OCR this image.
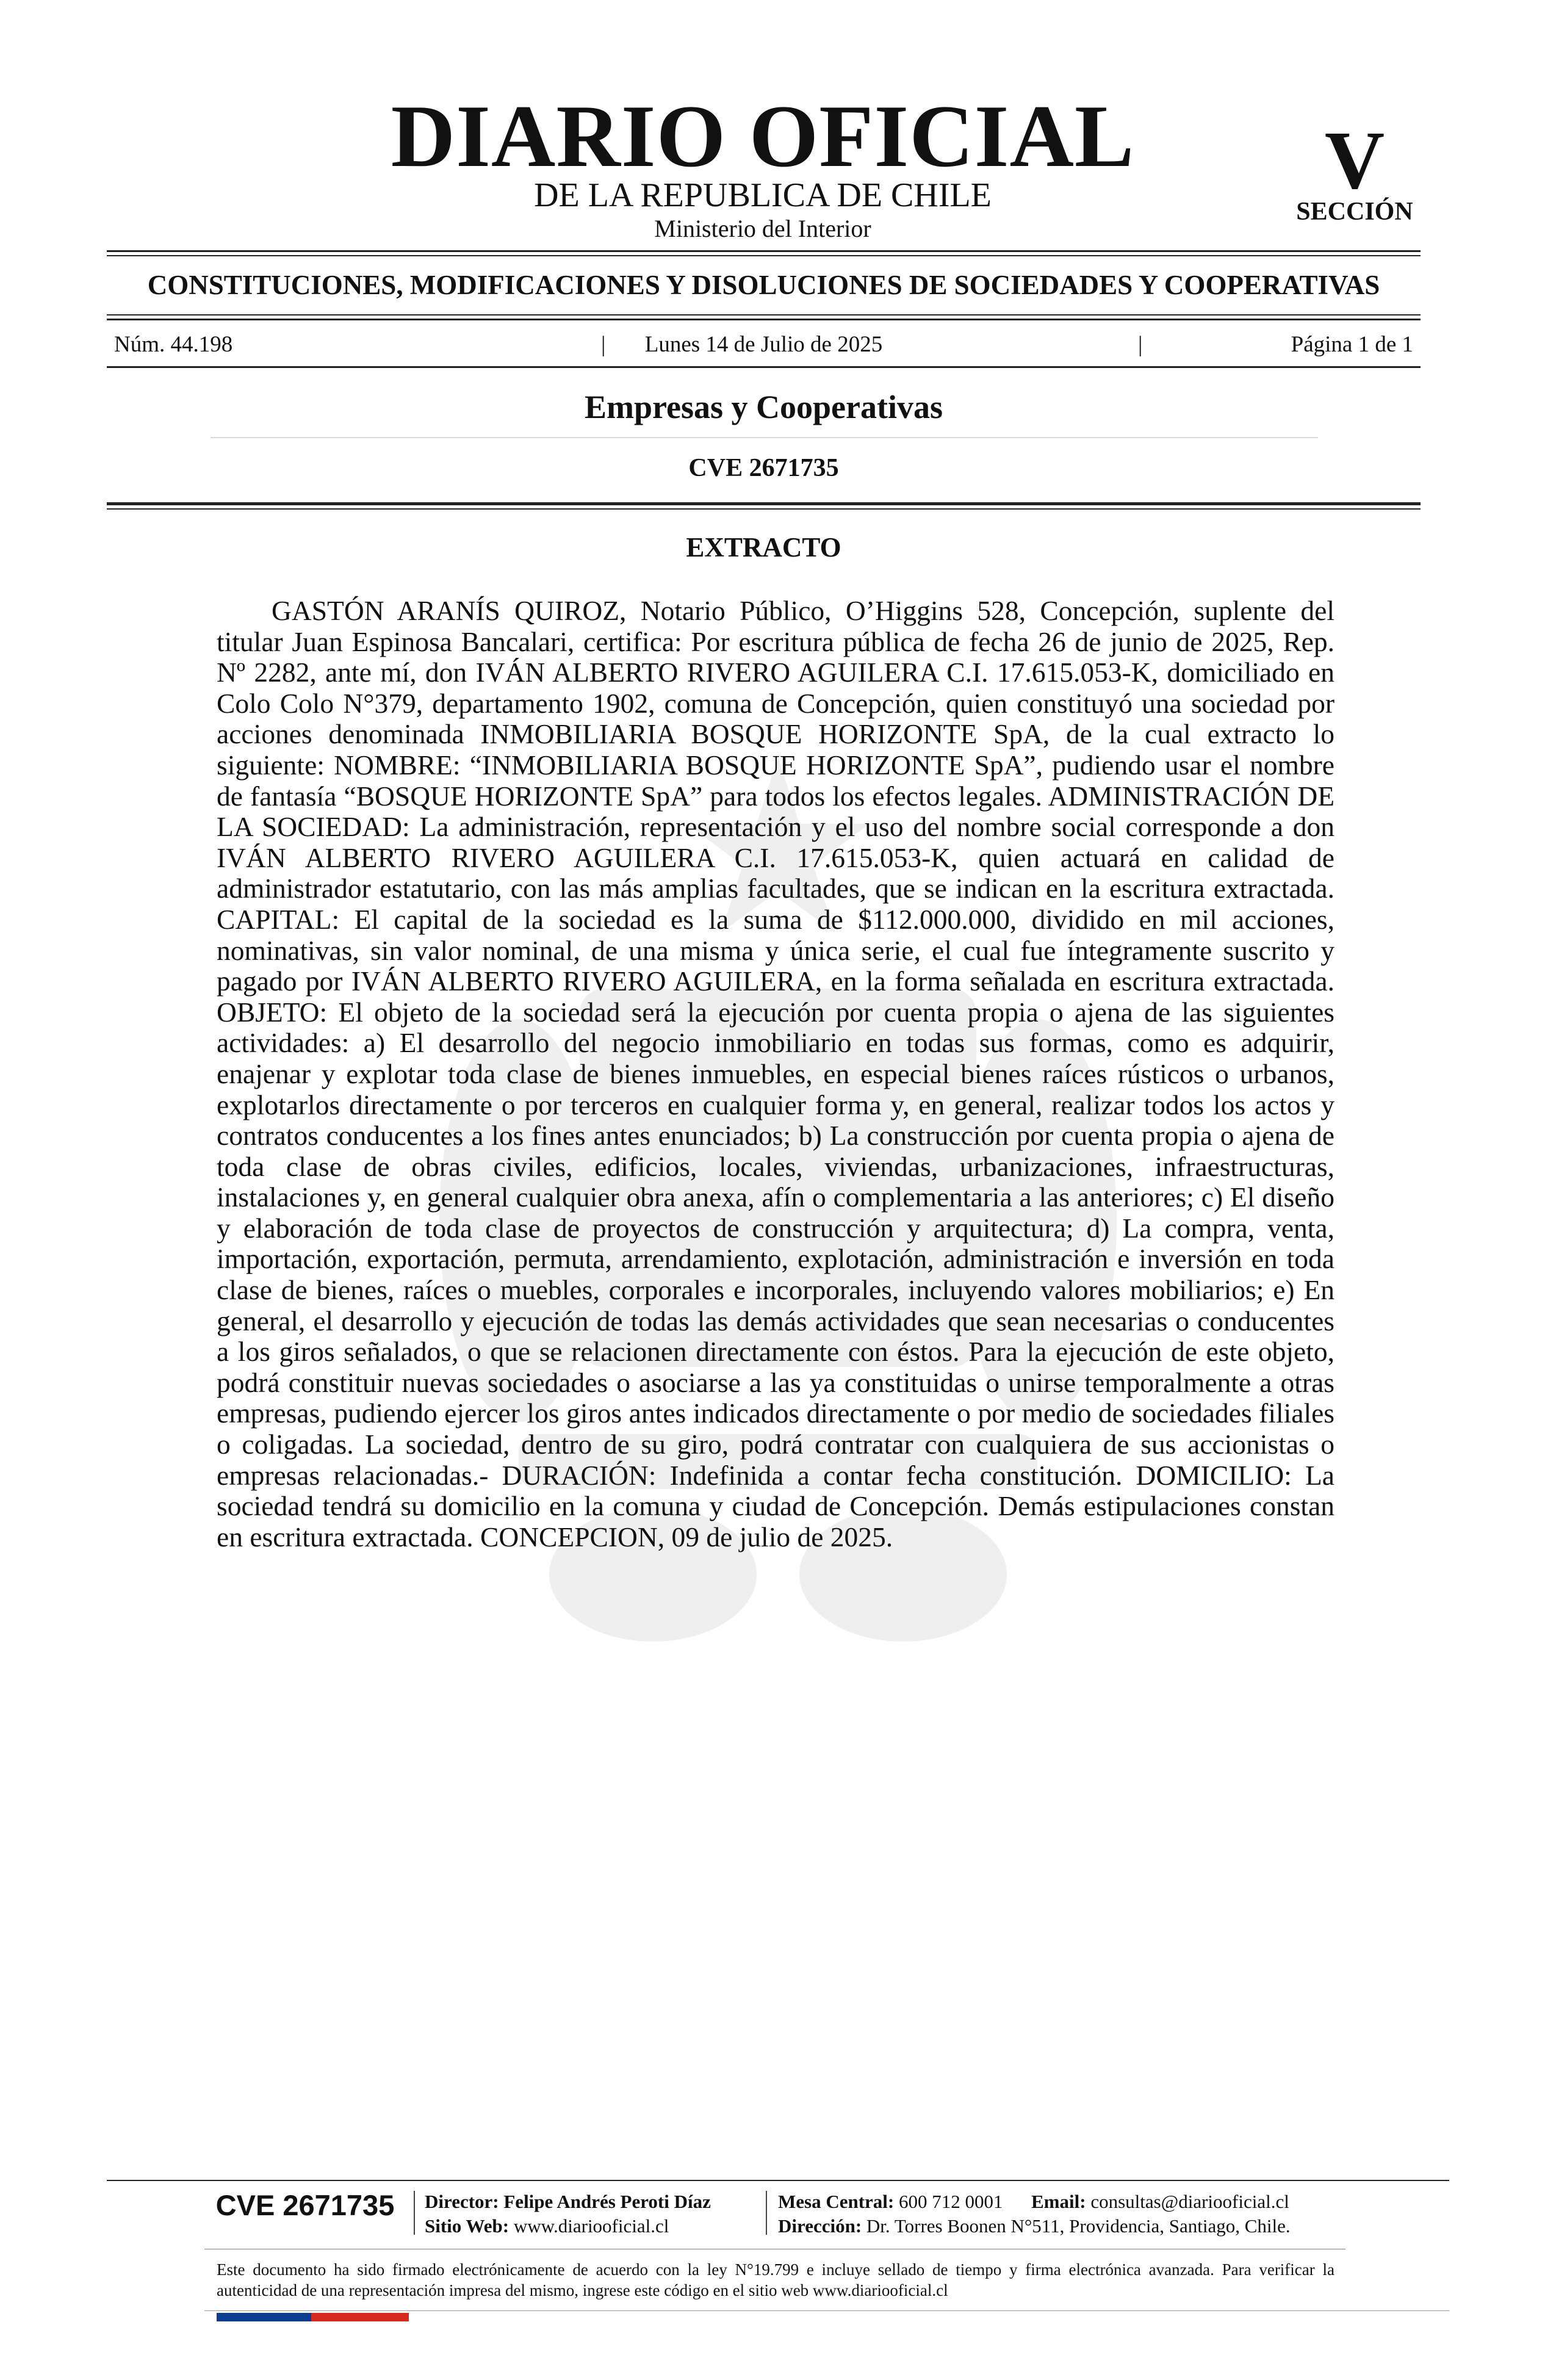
DIARIO OFICIAL
DE LA REPUBLICA DE CHILE
Ministerio del Interior
V
SECCIÓN
CONSTITUCIONES, MODIFICACIONES Y DISOLUCIONES DE SOCIEDADES Y COOPERATIVAS
Núm. 44.198	|	Lunes 14 de Julio de 2025	|	Página 1 de 1
Empresas y Cooperativas
CVE 2671735
EXTRACTO

GASTÓN ARANÍS QUIROZ, Notario Público, O’Higgins 528, Concepción, suplente del titular Juan Espinosa Bancalari, certifica: Por escritura pública de fecha 26 de junio de 2025, Rep. Nº 2282, ante mí, don IVÁN ALBERTO RIVERO AGUILERA C.I. 17.615.053-K, domiciliado en Colo Colo N°379, departamento 1902, comuna de Concepción, quien constituyó una sociedad por acciones denominada INMOBILIARIA BOSQUE HORIZONTE SpA, de la cual extracto lo siguiente: NOMBRE: “INMOBILIARIA BOSQUE HORIZONTE SpA”, pudiendo usar el nombre de fantasía “BOSQUE HORIZONTE SpA” para todos los efectos legales. ADMINISTRACIÓN DE LA SOCIEDAD: La administración, representación y el uso del nombre social corresponde a don IVÁN ALBERTO RIVERO AGUILERA C.I. 17.615.053-K, quien actuará en calidad de administrador estatutario, con las más amplias facultades, que se indican en la escritura extractada. CAPITAL: El capital de la sociedad es la suma de $112.000.000, dividido en mil acciones, nominativas, sin valor nominal, de una misma y única serie, el cual fue íntegramente suscrito y pagado por IVÁN ALBERTO RIVERO AGUILERA, en la forma señalada en escritura extractada. OBJETO: El objeto de la sociedad será la ejecución por cuenta propia o ajena de las siguientes actividades: a) El desarrollo del negocio inmobiliario en todas sus formas, como es adquirir, enajenar y explotar toda clase de bienes inmuebles, en especial bienes raíces rústicos o urbanos, explotarlos directamente o por terceros en cualquier forma y, en general, realizar todos los actos y contratos conducentes a los fines antes enunciados; b) La construcción por cuenta propia o ajena de toda clase de obras civiles, edificios, locales, viviendas, urbanizaciones, infraestructuras, instalaciones y, en general cualquier obra anexa, afín o complementaria a las anteriores; c) El diseño y elaboración de toda clase de proyectos de construcción y arquitectura; d) La compra, venta, importación, exportación, permuta, arrendamiento, explotación, administración e inversión en toda clase de bienes, raíces o muebles, corporales e incorporales, incluyendo valores mobiliarios; e) En general, el desarrollo y ejecución de todas las demás actividades que sean necesarias o conducentes a los giros señalados, o que se relacionen directamente con éstos. Para la ejecución de este objeto, podrá constituir nuevas sociedades o asociarse a las ya constituidas o unirse temporalmente a otras empresas, pudiendo ejercer los giros antes indicados directamente o por medio de sociedades filiales o coligadas. La sociedad, dentro de su giro, podrá contratar con cualquiera de sus accionistas o empresas relacionadas.- DURACIÓN: Indefinida a contar fecha constitución. DOMICILIO: La sociedad tendrá su domicilio en la comuna y ciudad de Concepción. Demás estipulaciones constan en escritura extractada. CONCEPCION, 09 de julio de 2025.

CVE 2671735	Director: Felipe Andrés Peroti Díaz
Sitio Web: www.diariooficial.cl
Mesa Central: 600 712 0001 Email: consultas@diariooficial.cl
Dirección: Dr. Torres Boonen N°511, Providencia, Santiago, Chile.

Este documento ha sido firmado electrónicamente de acuerdo con la ley N°19.799 e incluye sellado de tiempo y firma electrónica avanzada. Para verificar la autenticidad de una representación impresa del mismo, ingrese este código en el sitio web www.diariooficial.cl
